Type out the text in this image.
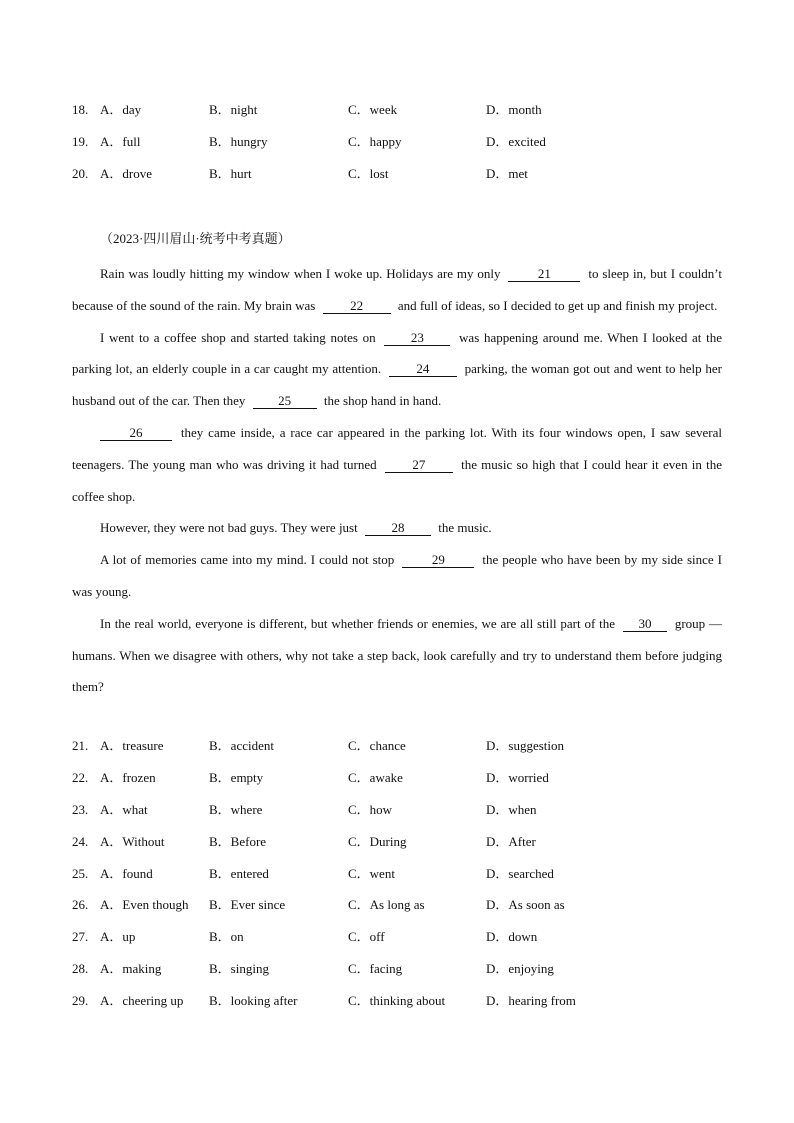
18. A．day	B．night	C．week	D．month
19. A．full	B．hungry	C．happy	D．excited
20. A．drove	B．hurt	C．lost	D．met
（2023·四川眉山·统考中考真题）

Rain was loudly hitting my window when I woke up. Holidays are my only	21	to sleep in, but I couldn’t because of the sound of the rain. My brain was	22	and full of ideas, so I decided to get up and finish my project.

I went to a coffee shop and started taking notes on	23	was happening around me. When I looked at the parking lot, an elderly couple in a car caught my attention.	24	parking, the woman got out and went to help her husband out of the car. Then they	25	the shop hand in hand.

26	they came inside, a race car appeared in the parking lot. With its four windows open, I saw several teenagers. The young man who was driving it had turned	27	the music so high that I could hear it even in the coffee shop.

However, they were not bad guys. They were just	28	the music.

A lot of memories came into my mind. I could not stop	29	the people who have been by my side since I was young.

In the real world, everyone is different, but whether friends or enemies, we are all still part of the 30 group — humans. When we disagree with others, why not take a step back, look carefully and try to understand them before judging them?

21. A．treasure	B．accident	C．chance	D．suggestion
22. A．frozen	B．empty	C．awake	D．worried
23. A．what	B．where	C．how	D．when
24. A．Without	B．Before	C．During	D．After
25. A．found	B．entered	C．went	D．searched
26. A．Even though B．Ever since	C．As long as	D．As soon as
27. A．up	B．on	C．off	D．down
28. A．making	B．singing	C．facing	D．enjoying
29. A．cheering up B．looking after	C．thinking about	D．hearing from
